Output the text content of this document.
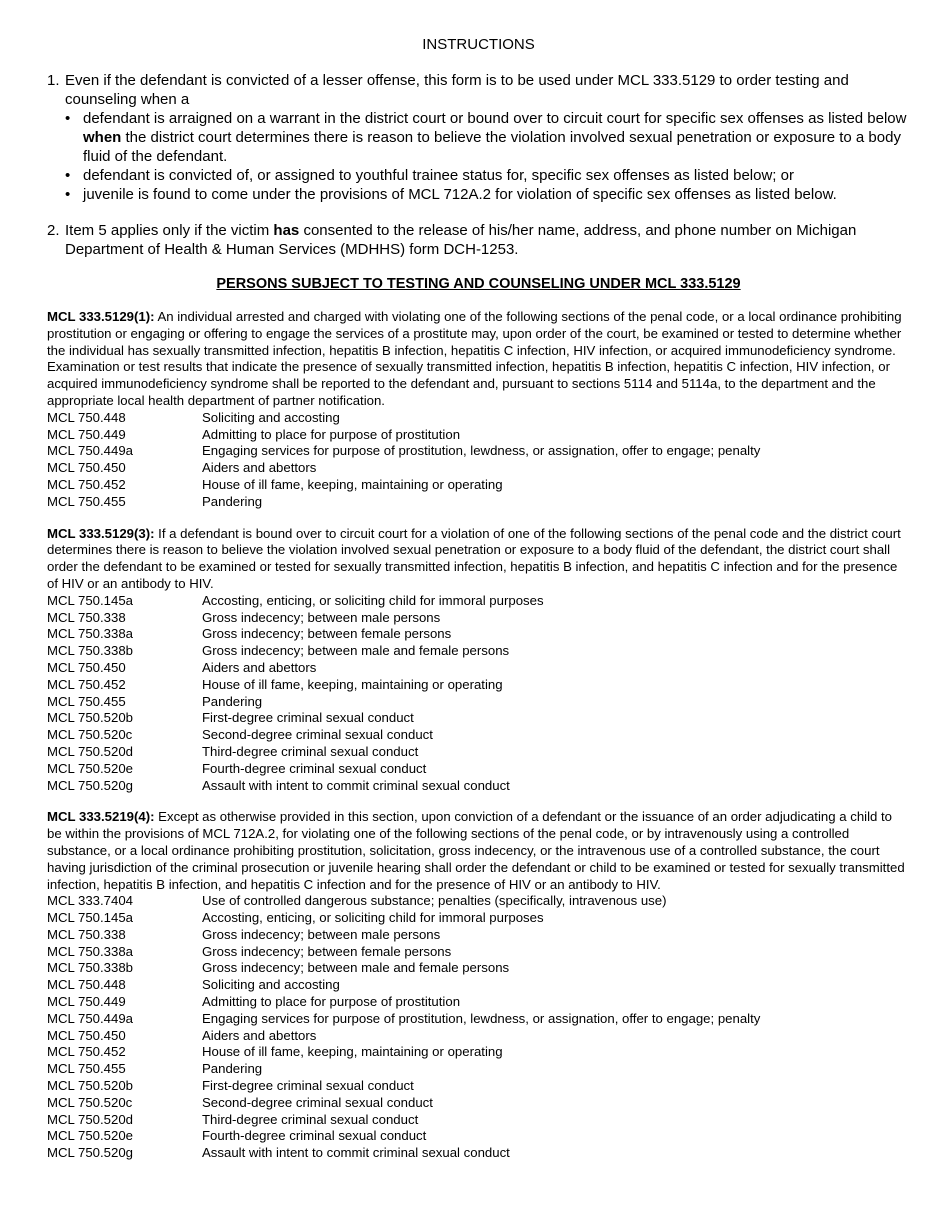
INSTRUCTIONS
1. Even if the defendant is convicted of a lesser offense, this form is to be used under MCL 333.5129 to order testing and counseling when a
• defendant is arraigned on a warrant in the district court or bound over to circuit court for specific sex offenses as listed below when the district court determines there is reason to believe the violation involved sexual penetration or exposure to a body fluid of the defendant.
• defendant is convicted of, or assigned to youthful trainee status for, specific sex offenses as listed below; or
• juvenile is found to come under the provisions of MCL 712A.2 for violation of specific sex offenses as listed below.
2. Item 5 applies only if the victim has consented to the release of his/her name, address, and phone number on Michigan Department of Health & Human Services (MDHHS) form DCH-1253.
PERSONS SUBJECT TO TESTING AND COUNSELING UNDER MCL 333.5129

MCL 333.5129(1): An individual arrested and charged with violating one of the following sections of the penal code, or a local ordinance prohibiting prostitution or engaging or offering to engage the services of a prostitute may, upon order of the court, be examined or tested to determine whether the individual has sexually transmitted infection, hepatitis B infection, hepatitis C infection, HIV infection, or acquired immunodeficiency syndrome. Examination or test results that indicate the presence of sexually transmitted infection, hepatitis B infection, hepatitis C infection, HIV infection, or acquired immunodeficiency syndrome shall be reported to the defendant and, pursuant to sections 5114 and 5114a, to the department and the appropriate local health department of partner notification.

MCL 750.448	Soliciting and accosting
MCL 750.449	Admitting to place for purpose of prostitution
MCL 750.449a	Engaging services for purpose of prostitution, lewdness, or assignation, offer to engage; penalty
MCL 750.450	Aiders and abettors
MCL 750.452	House of ill fame, keeping, maintaining or operating
MCL 750.455	Pandering

MCL 333.5129(3): If a defendant is bound over to circuit court for a violation of one of the following sections of the penal code and the district court determines there is reason to believe the violation involved sexual penetration or exposure to a body fluid of the defendant, the district court shall order the defendant to be examined or tested for sexually transmitted infection, hepatitis B infection, and hepatitis C infection and for the presence of HIV or an antibody to HIV.

MCL 750.145a	Accosting, enticing, or soliciting child for immoral purposes
MCL 750.338	Gross indecency; between male persons
MCL 750.338a	Gross indecency; between female persons
MCL 750.338b	Gross indecency; between male and female persons
MCL 750.450	Aiders and abettors
MCL 750.452	House of ill fame, keeping, maintaining or operating
MCL 750.455	Pandering
MCL 750.520b	First-degree criminal sexual conduct
MCL 750.520c	Second-degree criminal sexual conduct
MCL 750.520d	Third-degree criminal sexual conduct
MCL 750.520e	Fourth-degree criminal sexual conduct
MCL 750.520g	Assault with intent to commit criminal sexual conduct

MCL 333.5219(4): Except as otherwise provided in this section, upon conviction of a defendant or the issuance of an order adjudicating a child to be within the provisions of MCL 712A.2, for violating one of the following sections of the penal code, or by intravenously using a controlled substance, or a local ordinance prohibiting prostitution, solicitation, gross indecency, or the intravenous use of a controlled substance, the court having jurisdiction of the criminal prosecution or juvenile hearing shall order the defendant or child to be examined or tested for sexually transmitted infection, hepatitis B infection, and hepatitis C infection and for the presence of HIV or an antibody to HIV.

MCL 333.7404	Use of controlled dangerous substance; penalties (specifically, intravenous use)
MCL 750.145a	Accosting, enticing, or soliciting child for immoral purposes
MCL 750.338	Gross indecency; between male persons
MCL 750.338a	Gross indecency; between female persons
MCL 750.338b	Gross indecency; between male and female persons
MCL 750.448	Soliciting and accosting
MCL 750.449	Admitting to place for purpose of prostitution
MCL 750.449a	Engaging services for purpose of prostitution, lewdness, or assignation, offer to engage; penalty
MCL 750.450	Aiders and abettors
MCL 750.452	House of ill fame, keeping, maintaining or operating
MCL 750.455	Pandering
MCL 750.520b	First-degree criminal sexual conduct
MCL 750.520c	Second-degree criminal sexual conduct
MCL 750.520d	Third-degree criminal sexual conduct
MCL 750.520e	Fourth-degree criminal sexual conduct
MCL 750.520g	Assault with intent to commit criminal sexual conduct
